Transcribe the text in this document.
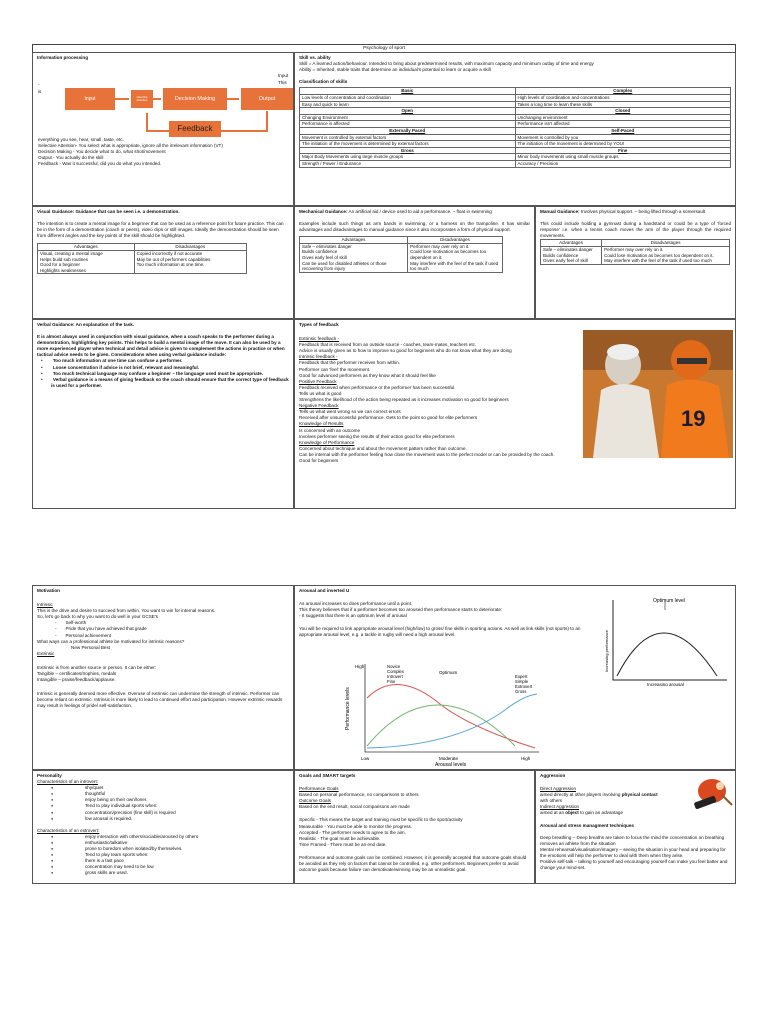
Psychology of sport
Information processing
Input
This
-
is
Input	selective attention	Decision Making	Output
Feedback
everything you see, hear, small, taste, etc.
Selective Attention- You select what is appropriate, ignore all the irrelevant information (VT)
Decision Making - You decide what to do, what shot/movement
Output - You actually do the skill
Feedback - Was it successful, did you do what you intended.
Skill vs. ability
Skill = A learned action/behaviour. Intended to bring about predetermined results, with maximum capacity and minimum outlay of time and energy
Ability = Inherited, stable traits that determine an individual's potential to learn or acquire a skill
Classification of skills
Basic	Complex
Low levels of concentration and coordination	High levels of coordination and concentrations
Easy and quick to learn	Takes a long time to learn these skills
Open	Closed
Changing Environment	Unchanging environment
Performance is affected	Performance isn't affected
Externally Paced	Self-Paced
Movement is controlled by external factors	Movement is controlled by you
The initiation of the movement is determined by external factors	The initiation of the movement is determined by YOU!
Gross	Fine
Major Body Movements using large muscle groups	Minor body movements using small muscle groups
Strength / Power / Endurance	Accuracy / Precision
Visual Guidance: Guidance that can be seen i.e. a demonstration.

The intention is to create a mental image for a beginner that can be used as a reference point for future practice. This can be in the form of a demonstration (coach or peers), video clips or still images. Ideally the demonstration should be seen from different angles and the key points of the skill should be highlighted.

Advantages	Disadvantages

Visual, creating a mental image
Helps build sub routines
Good for a beginner
Highlights weaknesses	Copied incorrectly if not accurate
May be out of performers capabilities
Too much information at one time.
Mechanical Guidance: An artificial aid / device used to aid a performance. – float in swimming

Examples include such things as arm bands in swimming, or a harness on the trampoline. It has similar advantages and disadvantages to manual guidance since it also incorporates a form of physical support.

Advantages	Disadvantages

Safe – eliminates danger
Builds confidence
Gives early feel of skill
Can be used for disabled athletes or those recovering from injury	Performer may over rely on it.
Could lose motivation as becomes too dependent on it.
May interfere with the feel of the task if used too much
Manual Guidance: Involves physical support. – being lifted through a somersault

This could include holding a gymnast during a handstand or could be a type of 'forced response' i.e. when a tennis coach moves the arm of the player through the required movements.

Advantages	Disadvantages

Safe – eliminates danger
Builds confidence
Gives early feel of skill	Performer may over rely on it.
Could lose motivation as becomes too dependent on it.
May interfere with the feel of the task if used too much
Verbal Guidance: An explanation of the task.

It is almost always used in conjunction with visual guidance, when a coach speaks to the performer during a demonstration, highlighting key points. This helps to build a mental image of the move. It can also be used by a more experienced player when technical and detail advice is given to complement the actions in practice or when tactical advice needs to be given. Considerations when using verbal guidance include:

•        Too much information at one time can confuse a performer.
•        Loose concentration if advice is not brief, relevant and meaningful.
•        Too much technical language may confuse a beginner – the language used must be appropriate.
•        Verbal guidance is a means of giving feedback so the coach should ensure that the correct type of feedback is used for a performer.
Types of feedback
Extrinsic feedback -
Feedback that is received from an outside source - coaches, team-mates, teachers etc.
Advice is usually given as to how to improve so good for beginners who do not know what they are doing
Intrinsic feedback -
Feedback that the performer receives from within.
Performer can 'feel' the movement.
Good for advanced performers as they know what it should feel like
Positive Feedback
Feedback received when performance or the performer has been successful.
Tells us what is good
Strengthens the likelihood of the action being repeated as it increases motivation so good for beginners
Negative Feedback
Tells us what went wrong so we can correct errors
Received after unsuccessful performance. Gets to the point so good for elite performers
Knowledge of Results
Is concerned with an outcome
Involves performer seeing the results of their action good for elite performers
Knowledge of Performance
Concerned about technique and about the movement pattern rather than outcome.
Can be internal with the performer feeling how close the movement was to the perfect model or can be provided by the coach.
Good for beginners
19
Motivation
Intrinsic
This is the drive and desire to succeed from within. You want to win for internal reasons.
So, let's go back to why you want to do well in your GCSE's
-       Self-worth
-       Pride that you have achieved that grade
-       Personal achievement
What ways can a professional athlete be motivated for intrinsic reasons?
New Personal Best
Extrinsic
Extrinsic is from another source or person. It can be either:
Tangible – certificates/trophies, medals
Intangible – praise/feedback/applause.

Intrinsic is generally deemed more effective. Overuse of extrinsic can undermine the strength of intrinsic. Performer can become reliant on extrinsic. Intrinsic is more likely to lead to continued effort and participation. However extrinsic rewards may result in feelings of pride/ self-satisfaction.

Arousal and inverted U
As arousal increases so does performance until a point.
This theory believes that if a performer becomes too aroused then performance starts to deteriorate:
- It suggests that there is an optimum level of arousal

You will be required to link appropriate arousal level (high/low) to gross/ fine skills in sporting actions. As well as link skills (not sports) to an appropriate arousal level, e.g. a tackle in rugby will need a high arousal level.

Optimum level
Increasing performance
Increasing arousal
High
Performance levels
Low	Moderate	High
Arousal levels
Novice
Complex
Introvert
Fine
Optimum
Expert
Simple
Extrovert
Gross
Personality
Characteristics of an introvert:
●	shy/quiet
●	thoughtful
●	enjoy being on their own/loner.
●	Tend to play individual sports when:
●	concentration/precision (fine skill) is required
●	low arousal is required.
Characteristics of an extrovert:
●	enjoy interaction with others/sociable/aroused by others
●	enthusiastic/talkative
●	prone to boredom when isolated/by themselves.
●	Tend to play team sports when:
●	there is a fast pace
●	concentration may need to be low
●	gross skills are used.
Goals and SMART targets
Performance Goals
Based on personal performance, no comparisons to others
Outcome Goals
Based on the end result, social comparisons are made
Specific - This means the target and training must be specific to the sport/activity
Measurable - You must be able to monitor the progress.
Accepted - The performer needs to agree to the aim.
Realistic - The goal must be achievable.
Time Framed - There must be an end date.

Performance and outcome goals can be combined. However, it is generally accepted that outcome goals should be avoided as they rely on factors that cannot be controlled, e.g. other performers. Beginners prefer to avoid outcome goals because failure can demotivate/winning may be an unrealistic goal.

Aggression
Direct Aggression
aimed directly at other players involving physical contact
with others
Indirect Aggression
aimed at an object to gain an advantage
Arousal and stress managment techniques
Deep breathing – Deep breaths are taken to focus the mind the concentration on breathing removes an athlete from the situation
Mental rehearsal/visualisation/imagery – seeing the situation in your head and preparing for the emotions will help the performer to deal with them when they arise.
Positive self-talk – talking to yourself and encouraging yourself can make you feel batter and change your mind-set.
